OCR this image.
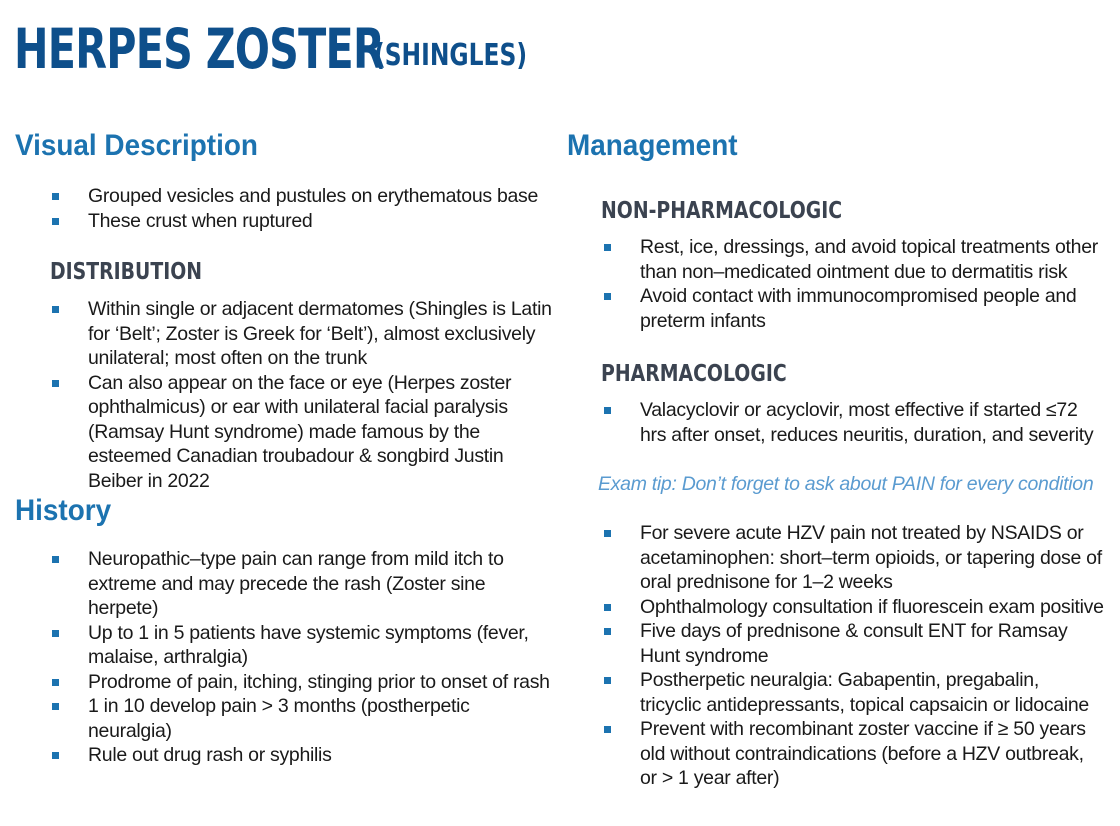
HERPES ZOSTER
(SHINGLES)
Visual Description
Grouped vesicles and pustules on erythematous base
These crust when ruptured
DISTRIBUTION
Within single or adjacent dermatomes (Shingles is Latin for ‘Belt’; Zoster is Greek for ‘Belt’), almost exclusively unilateral; most often on the trunk
Can also appear on the face or eye (Herpes zoster ophthalmicus) or ear with unilateral facial paralysis (Ramsay Hunt syndrome) made famous by the esteemed Canadian troubadour & songbird Justin Beiber in 2022
History
Neuropathic–type pain can range from mild itch to extreme and may precede the rash (Zoster sine herpete)
Up to 1 in 5 patients have systemic symptoms (fever, malaise, arthralgia)
Prodrome of pain, itching, stinging prior to onset of rash
1 in 10 develop pain > 3 months (postherpetic neuralgia)
Rule out drug rash or syphilis
Management
NON-PHARMACOLOGIC
Rest, ice, dressings, and avoid topical treatments other than non–medicated ointment due to dermatitis risk
Avoid contact with immunocompromised people and preterm infants
PHARMACOLOGIC
Valacyclovir or acyclovir, most effective if started ≤72 hrs after onset, reduces neuritis, duration, and severity
Exam tip: Don’t forget to ask about PAIN for every condition
For severe acute HZV pain not treated by NSAIDS or acetaminophen: short–term opioids, or tapering dose of oral prednisone for 1–2 weeks
Ophthalmology consultation if fluorescein exam positive
Five days of prednisone & consult ENT for Ramsay Hunt syndrome
Postherpetic neuralgia: Gabapentin, pregabalin, tricyclic antidepressants, topical capsaicin or lidocaine
Prevent with recombinant zoster vaccine if ≥ 50 years old without contraindications (before a HZV outbreak, or > 1 year after)
